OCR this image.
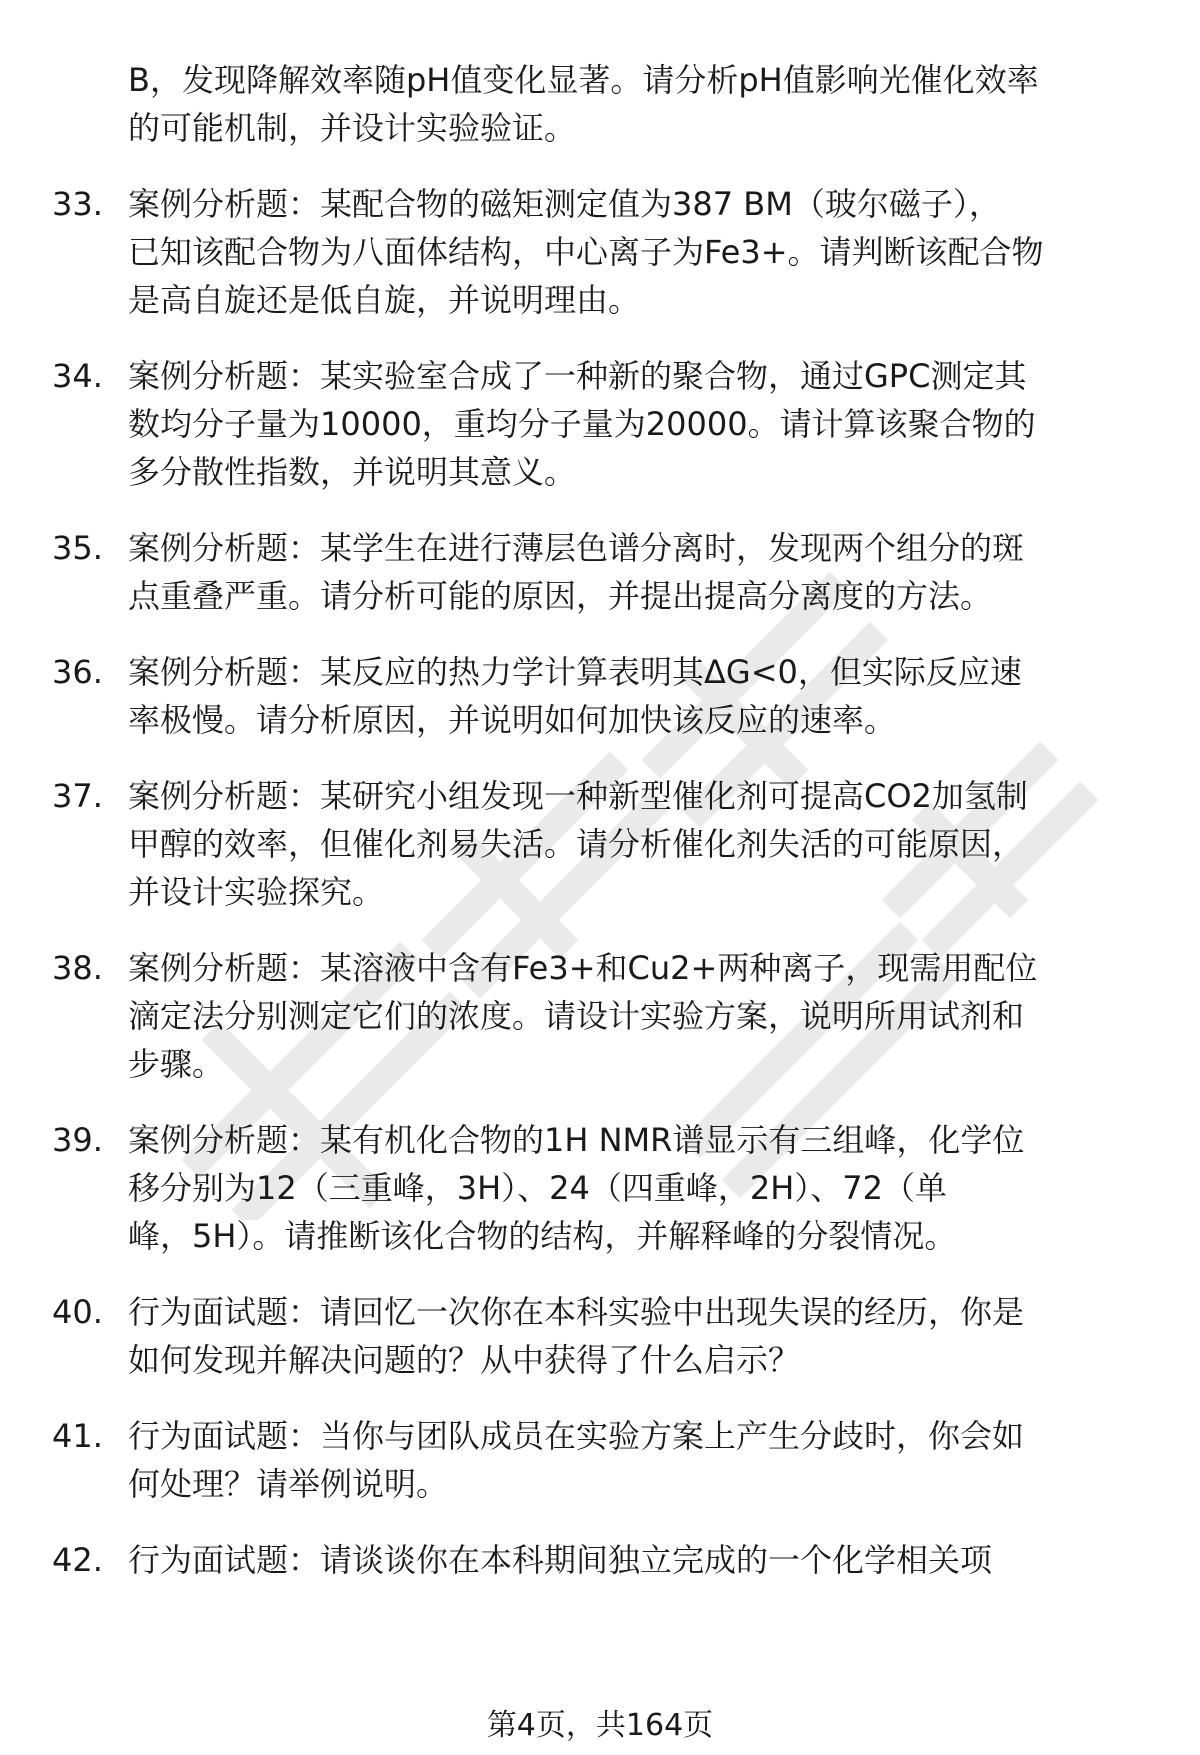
B，发现降解效率随pH值变化显著。请分析pH值影响光催化效率
的可能机制，并设计实验验证。
33. 案例分析题：某配合物的磁矩测定值为387 BM（玻尔磁子），
已知该配合物为八面体结构，中心离子为Fe3+。请判断该配合物
是高自旋还是低自旋，并说明理由。
34. 案例分析题：某实验室合成了一种新的聚合物，通过GPC测定其
数均分子量为10000，重均分子量为20000。请计算该聚合物的
多分散性指数，并说明其意义。
35. 案例分析题：某学生在进行薄层色谱分离时，发现两个组分的斑
点重叠严重。请分析可能的原因，并提出提高分离度的方法。
36. 案例分析题：某反应的热力学计算表明其ΔG<0，但实际反应速
率极慢。请分析原因，并说明如何加快该反应的速率。
37. 案例分析题：某研究小组发现一种新型催化剂可提高CO2加氢制
甲醇的效率，但催化剂易失活。请分析催化剂失活的可能原因，
并设计实验探究。
38. 案例分析题：某溶液中含有Fe3+和Cu2+两种离子，现需用配位
滴定法分别测定它们的浓度。请设计实验方案，说明所用试剂和
步骤。
39. 案例分析题：某有机化合物的1H NMR谱显示有三组峰，化学位
移分别为12（三重峰，3H）、24（四重峰，2H）、72（单
峰，5H）。请推断该化合物的结构，并解释峰的分裂情况。
40. 行为面试题：请回忆一次你在本科实验中出现失误的经历，你是
如何发现并解决问题的？从中获得了什么启示？
41. 行为面试题：当你与团队成员在实验方案上产生分歧时，你会如
何处理？请举例说明。
42. 行为面试题：请谈谈你在本科期间独立完成的一个化学相关项
第4页，共164页
